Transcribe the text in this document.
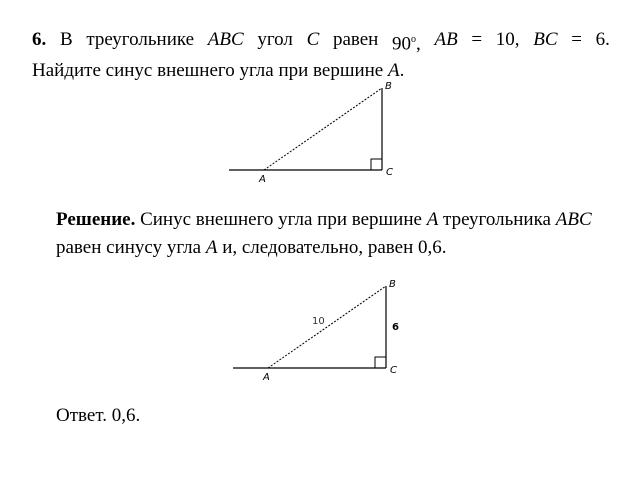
6. В треугольнике ABC угол C равен $90^о$, AB = 10, BC = 6.
Найдите синус внешнего угла при вершине A.
B
C
A
Решение. Синус внешнего угла при вершине A треугольника ABC равен синусу угла A и, следовательно, равен 0,6.
10
6
B
C
A
Ответ. 0,6.
